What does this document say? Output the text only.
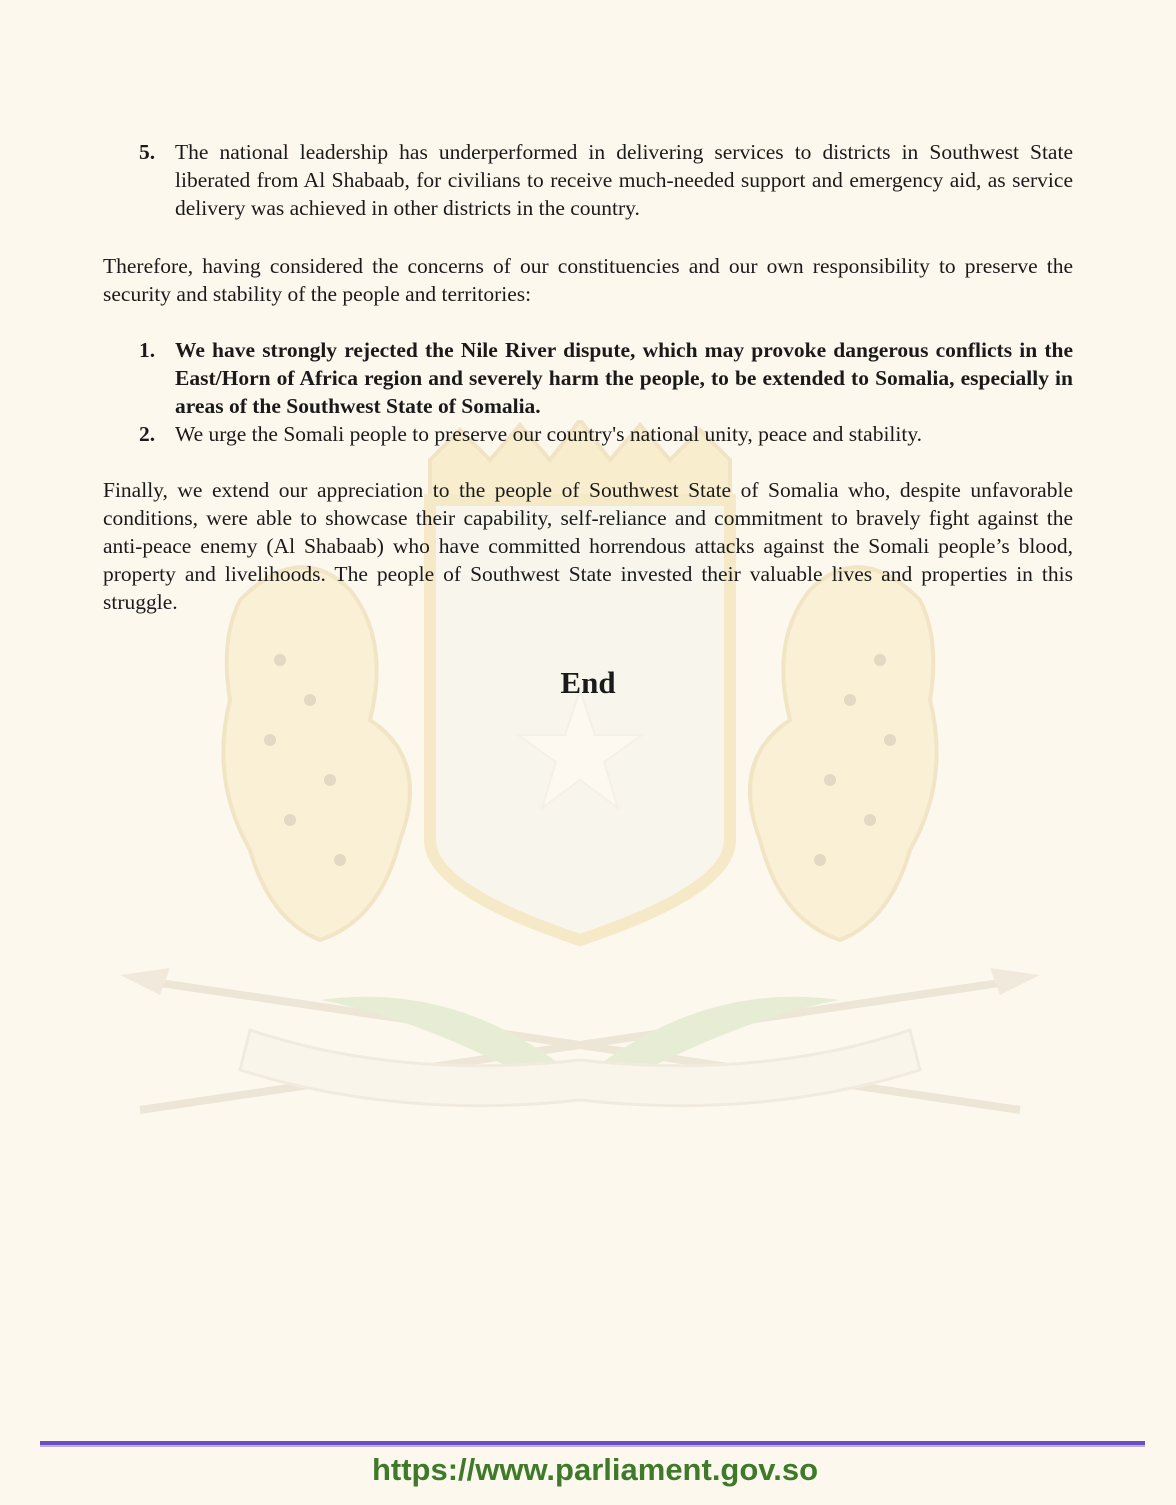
5. The national leadership has underperformed in delivering services to districts in Southwest State liberated from Al Shabaab, for civilians to receive much-needed support and emergency aid, as service delivery was achieved in other districts in the country.
Therefore, having considered the concerns of our constituencies and our own responsibility to preserve the security and stability of the people and territories:
1. We have strongly rejected the Nile River dispute, which may provoke dangerous conflicts in the East/Horn of Africa region and severely harm the people, to be extended to Somalia, especially in areas of the Southwest State of Somalia.
2. We urge the Somali people to preserve our country's national unity, peace and stability.
Finally, we extend our appreciation to the people of Southwest State of Somalia who, despite unfavorable conditions, were able to showcase their capability, self-reliance and commitment to bravely fight against the anti-peace enemy (Al Shabaab) who have committed horrendous attacks against the Somali people’s blood, property and livelihoods. The people of Southwest State invested their valuable lives and properties in this struggle.
End
https://www.parliament.gov.so
